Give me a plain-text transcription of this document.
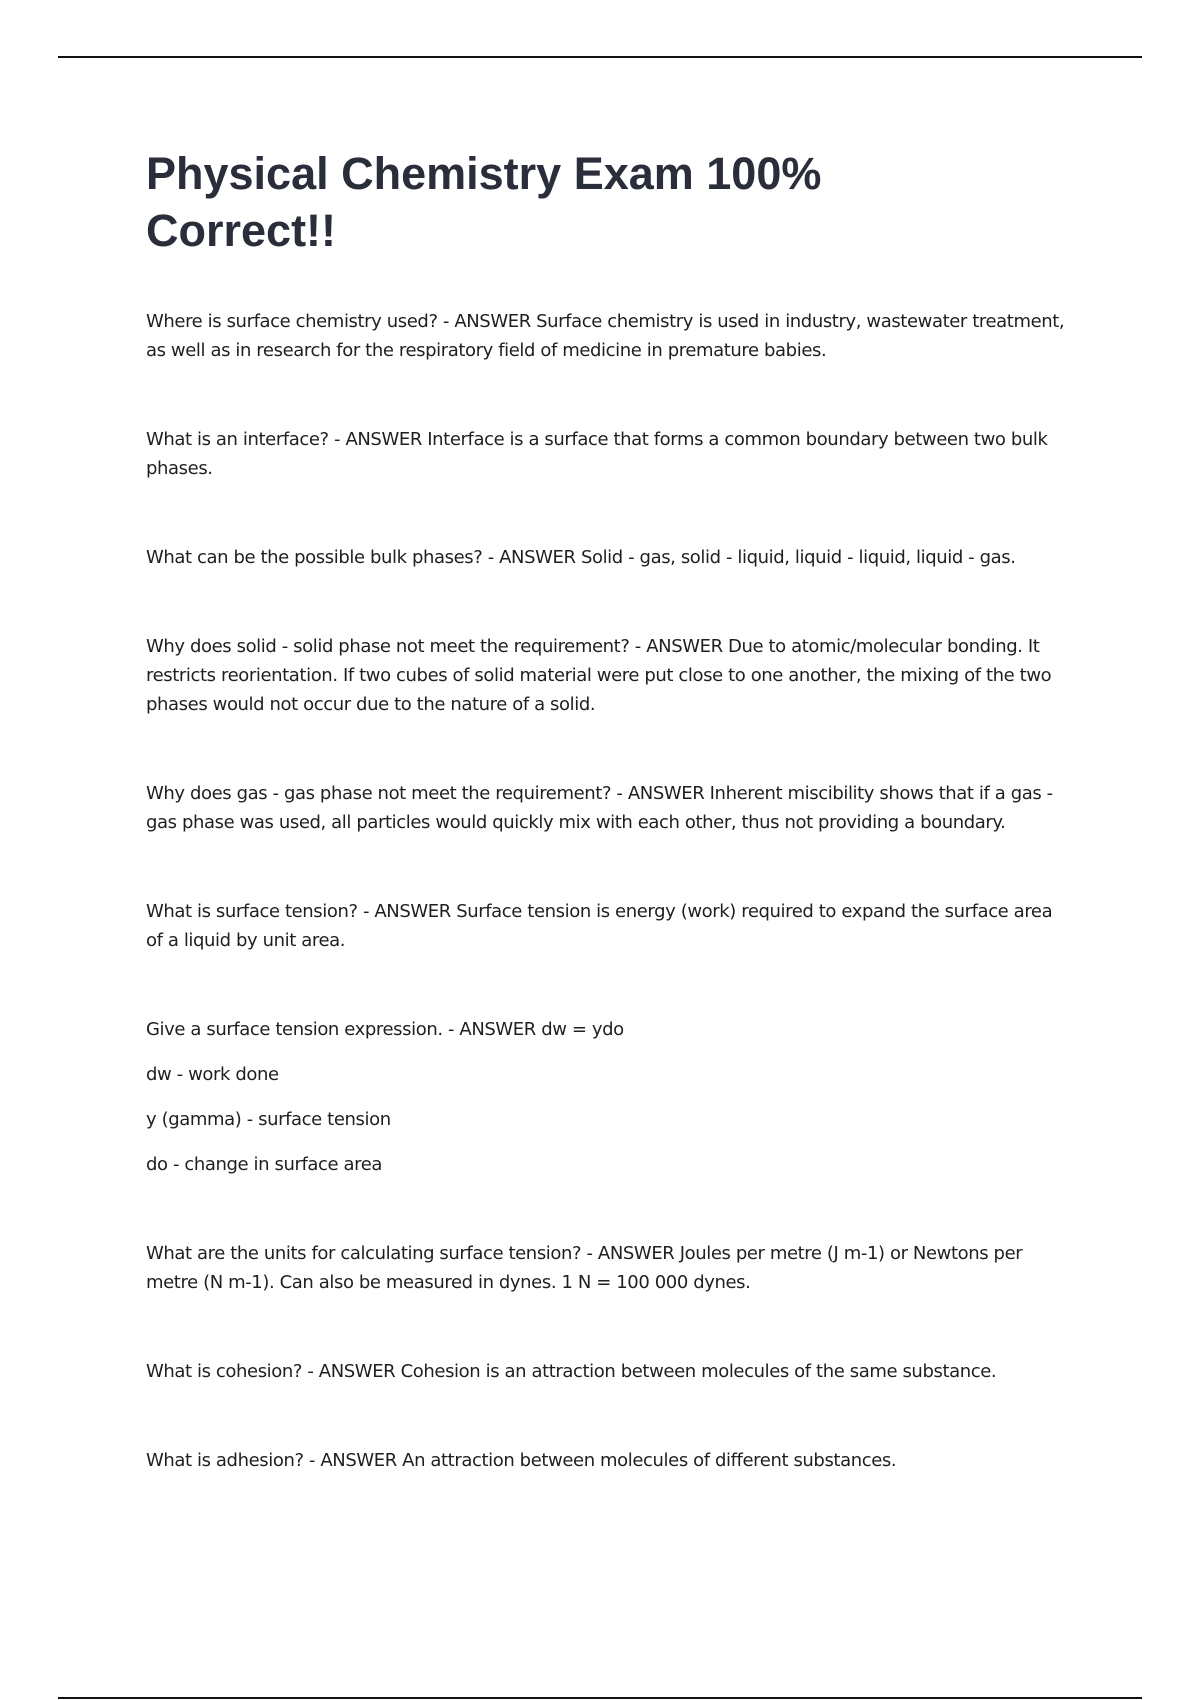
Physical Chemistry Exam 100%
Correct!!

Where is surface chemistry used? - ANSWER Surface chemistry is used in industry, wastewater treatment, as well as in research for the respiratory field of medicine in premature babies.

What is an interface? - ANSWER Interface is a surface that forms a common boundary between two bulk phases.

What can be the possible bulk phases? - ANSWER Solid - gas, solid - liquid, liquid - liquid, liquid - gas.

Why does solid - solid phase not meet the requirement? - ANSWER Due to atomic/molecular bonding. It restricts reorientation. If two cubes of solid material were put close to one another, the mixing of the two phases would not occur due to the nature of a solid.

Why does gas - gas phase not meet the requirement? - ANSWER Inherent miscibility shows that if a gas - gas phase was used, all particles would quickly mix with each other, thus not providing a boundary.

What is surface tension? - ANSWER Surface tension is energy (work) required to expand the surface area of a liquid by unit area.

Give a surface tension expression. - ANSWER dw = ydo

dw - work done

y (gamma) - surface tension

do - change in surface area

What are the units for calculating surface tension? - ANSWER Joules per metre (J m-1) or Newtons per metre (N m-1). Can also be measured in dynes. 1 N = 100 000 dynes.

What is cohesion? - ANSWER Cohesion is an attraction between molecules of the same substance.

What is adhesion? - ANSWER An attraction between molecules of different substances.
